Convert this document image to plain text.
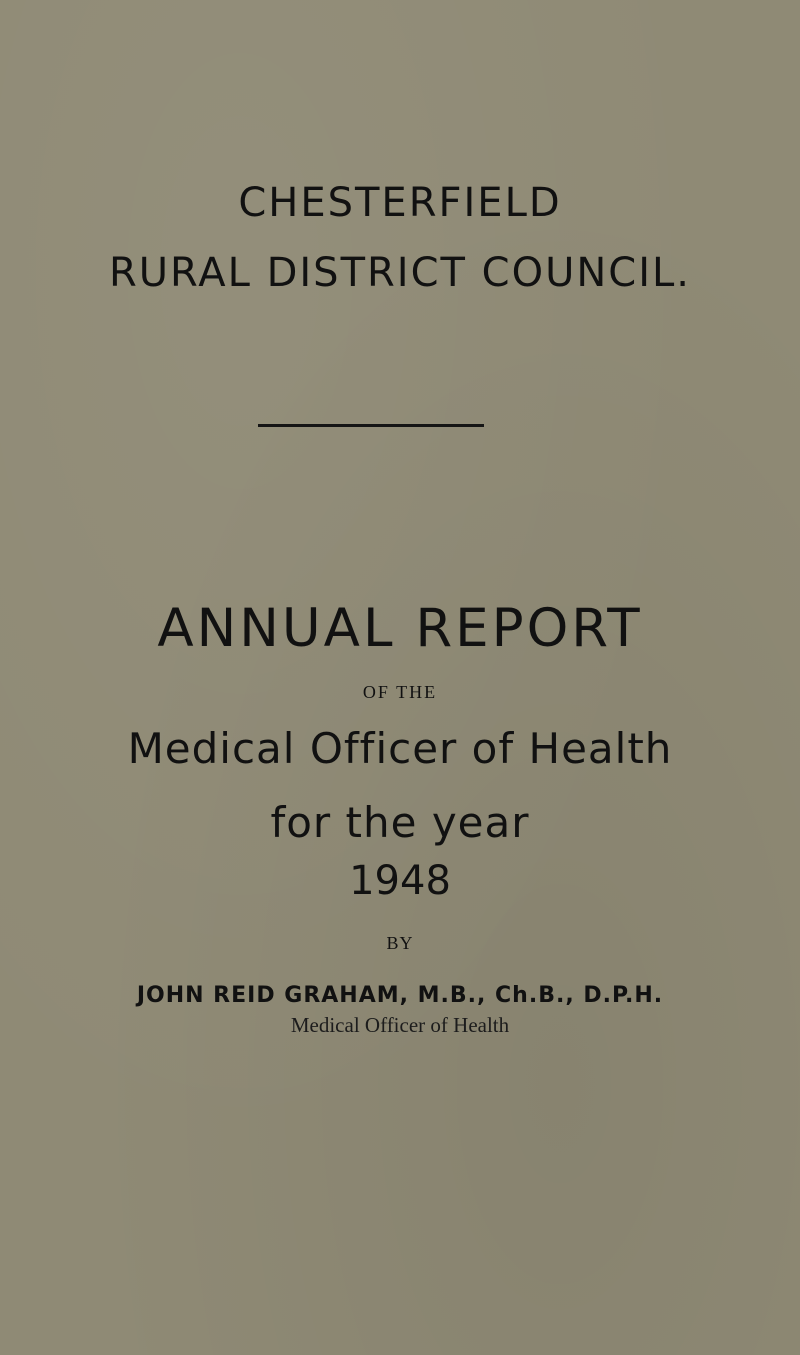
CHESTERFIELD
RURAL DISTRICT COUNCIL.
ANNUAL REPORT
OF THE
Medical Officer of Health
for the year
1948
BY
JOHN REID GRAHAM, M.B., Ch.B., D.P.H.
Medical Officer of Health
